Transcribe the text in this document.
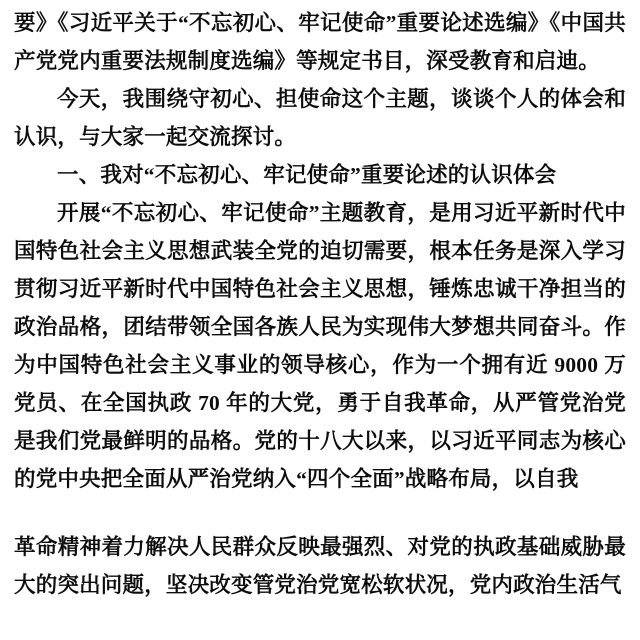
要》《习近平关于“不忘初心、牢记使命”重要论述选编》《中国共产党党内重要法规制度选编》等规定书目，深受教育和启迪。

今天，我围绕守初心、担使命这个主题，谈谈个人的体会和认识，与大家一起交流探讨。

一、我对“不忘初心、牢记使命”重要论述的认识体会

开展“不忘初心、牢记使命”主题教育，是用习近平新时代中国特色社会主义思想武装全党的迫切需要，根本任务是深入学习贯彻习近平新时代中国特色社会主义思想，锤炼忠诚干净担当的政治品格，团结带领全国各族人民为实现伟大梦想共同奋斗。作为中国特色社会主义事业的领导核心，作为一个拥有近 9000 万党员、在全国执政 70 年的大党，勇于自我革命，从严管党治党是我们党最鲜明的品格。党的十八大以来，以习近平同志为核心的党中央把全面从严治党纳入“四个全面”战略布局，以自我

革命精神着力解决人民群众反映最强烈、对党的执政基础威胁最大的突出问题，坚决改变管党治党宽松软状况，党内政治生活气
